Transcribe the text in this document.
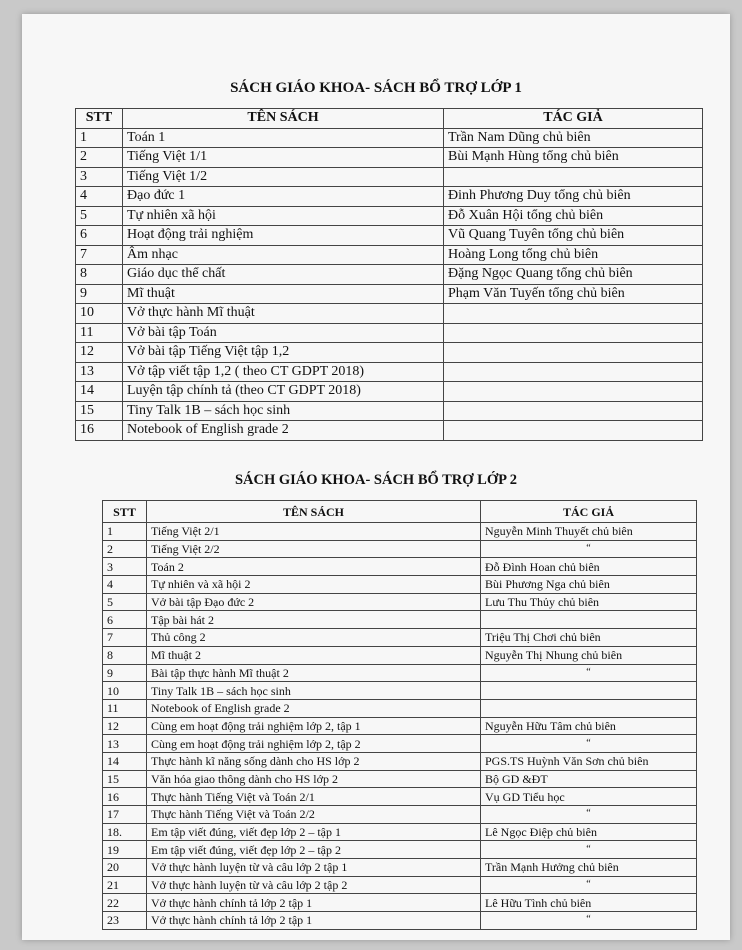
SÁCH GIÁO KHOA- SÁCH BỔ TRỢ LỚP 1
STT	TÊN SÁCH	TÁC GIẢ
1	Toán 1	Trần Nam Dũng chủ biên
2	Tiếng Việt 1/1	Bùi Mạnh Hùng tổng chủ biên
3	Tiếng Việt 1/2	
4	Đạo đức 1	Đinh Phương Duy tổng chủ biên
5	Tự nhiên xã hội	Đỗ Xuân Hội tổng chủ biên
6	Hoạt động trải nghiệm	Vũ Quang Tuyên tổng chủ biên
7	Âm nhạc	Hoàng Long tổng chủ biên
8	Giáo dục thể chất	Đặng Ngọc Quang tổng chủ biên
9	Mĩ thuật	Phạm Văn Tuyến tổng chủ biên
10	Vở thực hành Mĩ thuật	
11	Vở bài tập Toán	
12	Vở bài tập Tiếng Việt tập 1,2	
13	Vở tập viết tập 1,2 ( theo CT GDPT 2018)	
14	Luyện tập chính tả (theo CT GDPT 2018)	
15	Tiny Talk 1B – sách học sinh	
16	Notebook of English grade 2	
SÁCH GIÁO KHOA- SÁCH BỔ TRỢ LỚP 2
STT	TÊN SÁCH	TÁC GIẢ
1	Tiếng Việt 2/1	Nguyễn Minh Thuyết chủ biên
2	Tiếng Việt 2/2	“
3	Toán 2	Đỗ Đình Hoan chủ biên
4	Tự nhiên và xã hội 2	Bùi Phương Nga chủ biên
5	Vở bài tập Đạo đức 2	Lưu Thu Thủy chủ biên
6	Tập bài hát 2	
7	Thủ công 2	Triệu Thị Chơi chủ biên
8	Mĩ thuật 2	Nguyễn Thị Nhung chủ biên
9	Bài tập thực hành Mĩ thuật 2	“
10	Tiny Talk 1B – sách học sinh	
11	Notebook of English grade 2	
12	Cùng em hoạt động trải nghiệm lớp 2, tập 1	Nguyễn Hữu Tâm chủ biên
13	Cùng em hoạt động trải nghiệm lớp 2, tập 2	“
14	Thực hành kĩ năng sống dành cho HS lớp 2	PGS.TS Huỳnh Văn Sơn chủ biên
15	Văn hóa giao thông dành cho HS lớp 2	Bộ GD &ĐT
16	Thực hành Tiếng Việt và Toán 2/1	Vụ GD Tiểu học
17	Thực hành Tiếng Việt và Toán 2/2	“
18.	Em tập viết đúng, viết đẹp lớp 2 – tập 1	Lê Ngọc Điệp chủ biên
19	Em tập viết đúng, viết đẹp lớp 2 – tập 2	“
20	Vở thực hành luyện từ và câu lớp 2 tập 1	Trần Mạnh Hưởng chủ biên
21	Vở thực hành luyện từ và câu lớp 2 tập 2	“
22	Vở thực hành chính tả lớp 2 tập 1	Lê Hữu Tình chủ biên
23	Vở thực hành chính tả lớp 2 tập 1	“
